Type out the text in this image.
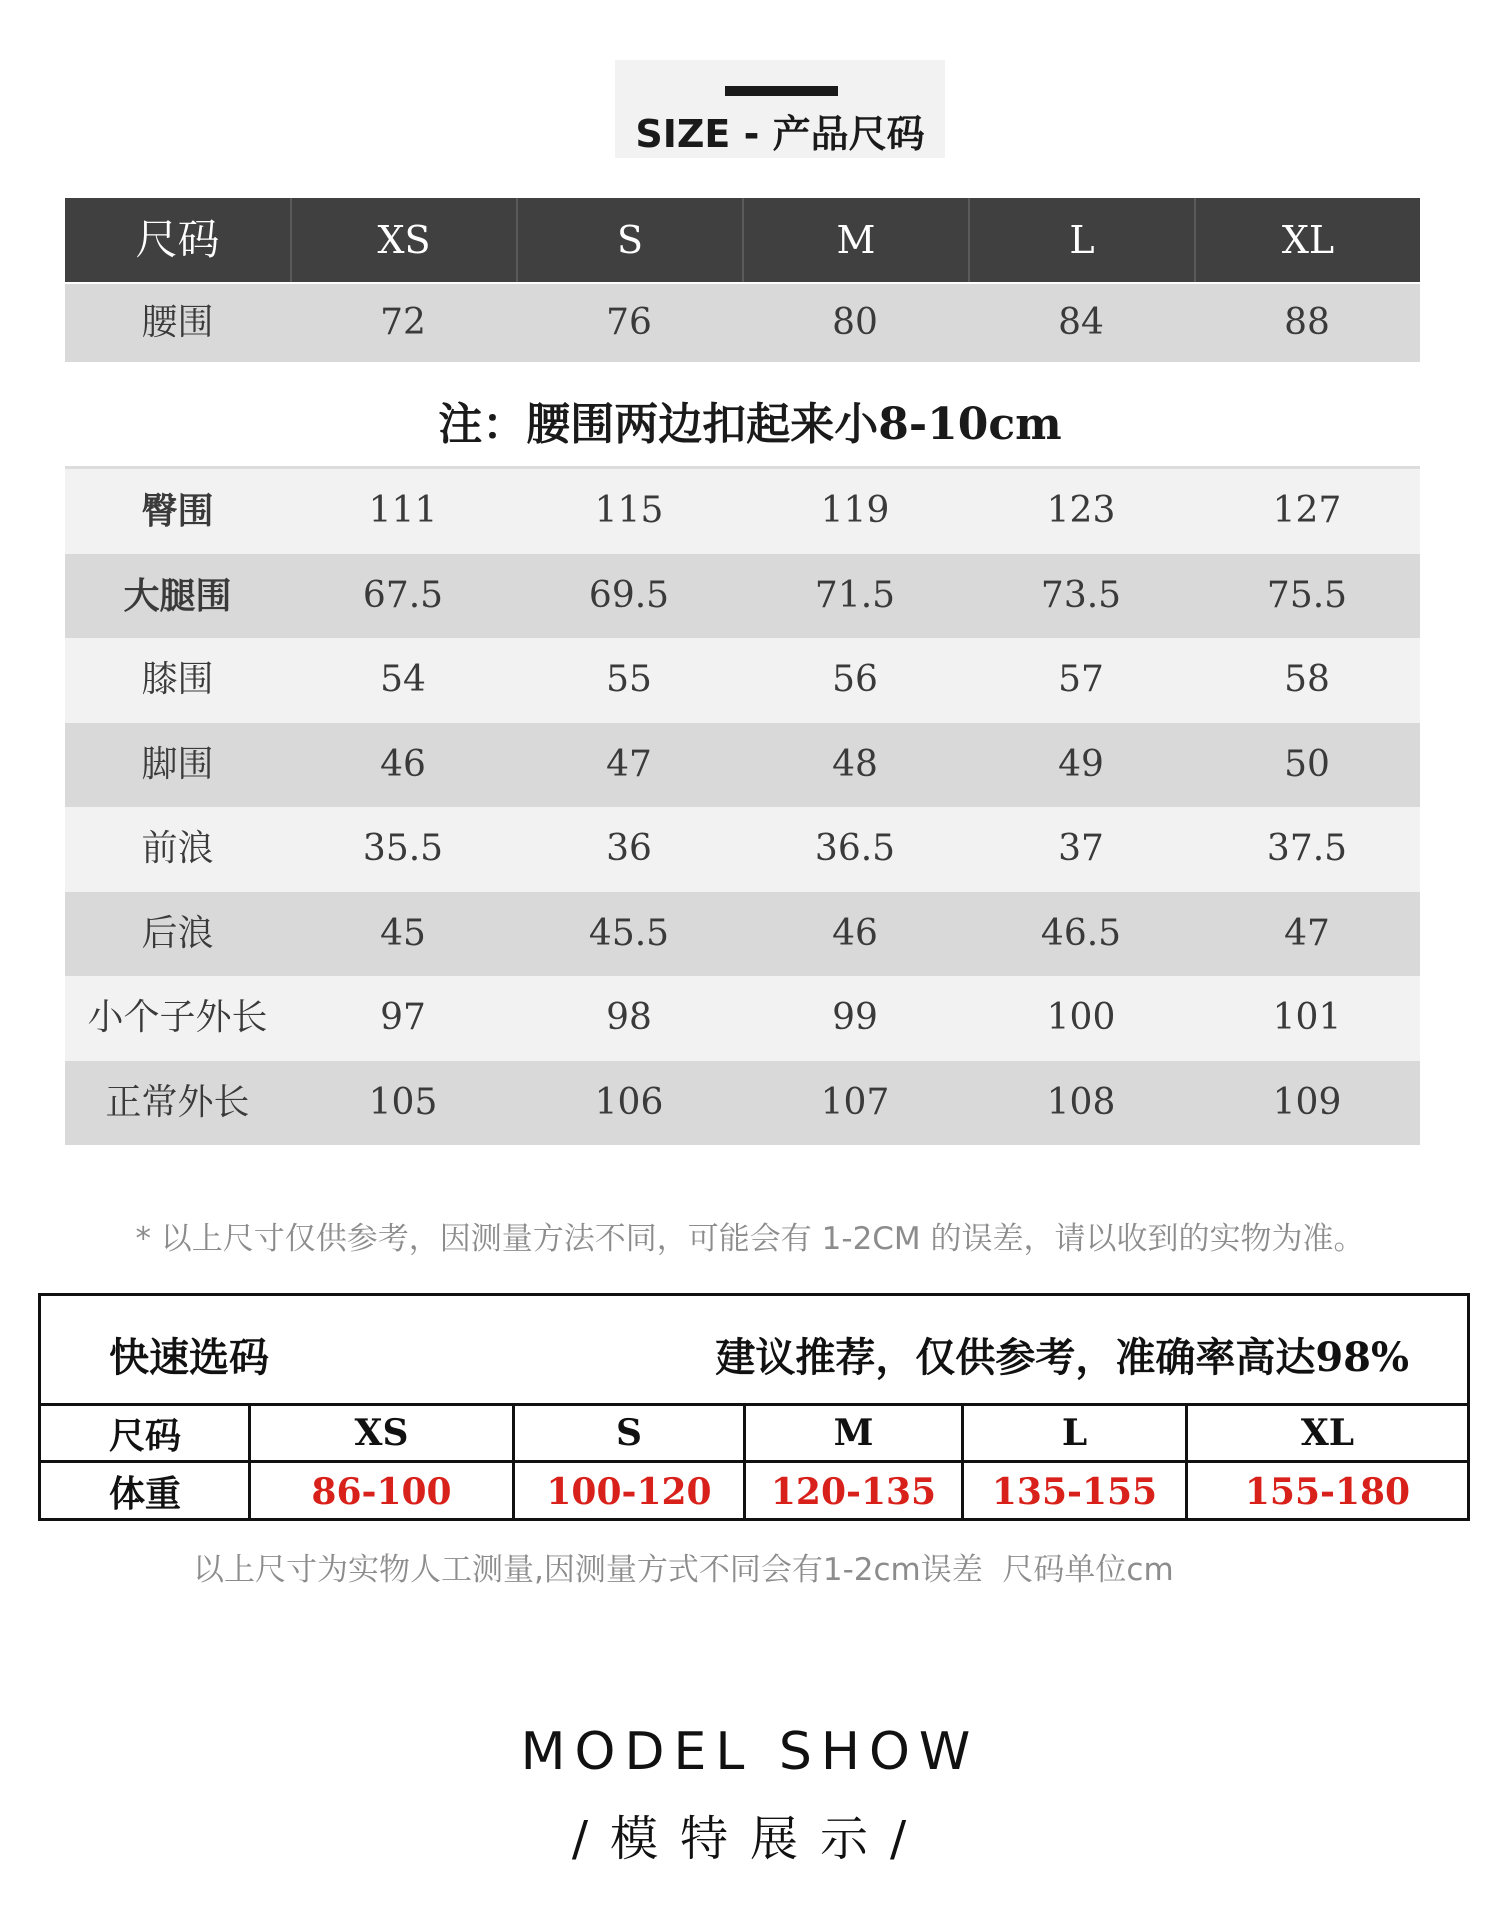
SIZE - 产品尺码
尺码	XS	S	M	L	XL
腰围	72	76	80	84	88
注：腰围两边扣起来小8-10cm
臀围	111	115	119	123	127
大腿围	67.5	69.5	71.5	73.5	75.5
膝围	54	55	56	57	58
脚围	46	47	48	49	50
前浪	35.5	36	36.5	37	37.5
后浪	45	45.5	46	46.5	47
小个子外长	97	98	99	100	101
正常外长	105	106	107	108	109
* 以上尺寸仅供参考，因测量方法不同，可能会有 1-2CM 的误差，请以收到的实物为准。
快速选码	建议推荐，仅供参考，准确率高达98%
尺码	XS	S	M	L	XL
体重	86-100	100-120	120-135	135-155	155-180
以上尺寸为实物人工测量,因测量方式不同会有1-2cm误差  尺码单位cm
MODEL SHOW
/模特展示/
